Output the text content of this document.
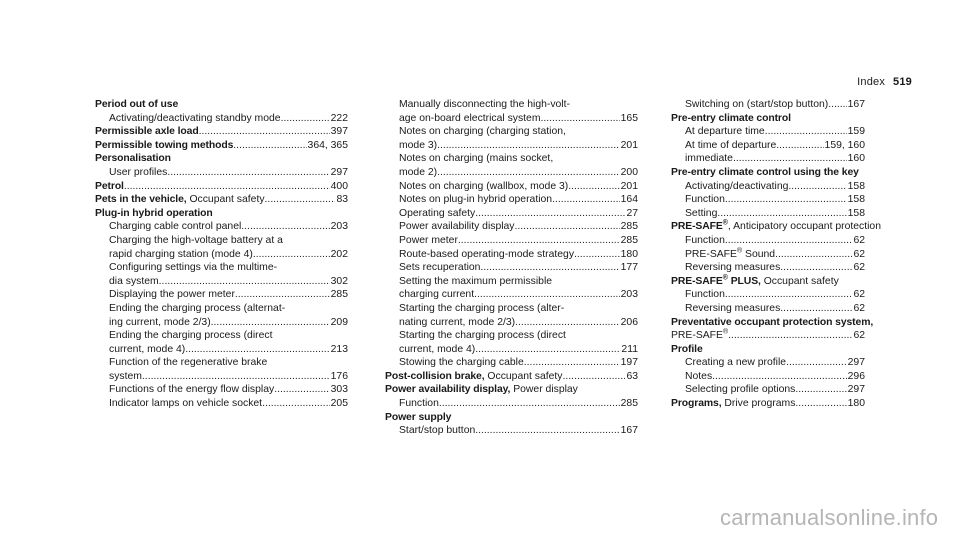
Index 519
Period out of use
Activating/deactivating standby mode .....	222
Permissible axle load .....	397
Permissible towing methods .....	364, 365
Personalisation
User profiles .....	297
Petrol .....	400
Pets in the vehicle, Occupant safety .....	83
Plug-in hybrid operation
Charging cable control panel .....	203
Charging the high-voltage battery at a
rapid charging station (mode 4) .....	202
Configuring settings via the multime-
dia system .....	302
Displaying the power meter .....	285
Ending the charging process (alternat-
ing current, mode 2/3) .....	209
Ending the charging process (direct
current, mode 4) .....	213
Function of the regenerative brake
system .....	176
Functions of the energy flow display .....	303
Indicator lamps on vehicle socket .....	205
Manually disconnecting the high-volt-
age on-board electrical system .....	165
Notes on charging (charging station,
mode 3) .....	201
Notes on charging (mains socket,
mode 2) .....	200
Notes on charging (wallbox, mode 3) .....	201
Notes on plug-in hybrid operation .....	164
Operating safety .....	27
Power availability display .....	285
Power meter .....	285
Route-based operating-mode strategy .....	180
Sets recuperation .....	177
Setting the maximum permissible
charging current .....	203
Starting the charging process (alter-
nating current, mode 2/3) .....	206
Starting the charging process (direct
current, mode 4) .....	211
Stowing the charging cable .....	197
Post-collision brake, Occupant safety .....	63
Power availability display, Power display
Function .....	285
Power supply
Start/stop button .....	167
Switching on (start/stop button) ..... 167
Pre-entry climate control
At departure time .....	159
At time of departure .....	159, 160
immediate .....	160
Pre-entry climate control using the key
Activating/deactivating .....	158
Function .....	158
Setting .....	158
PRE-SAFE®, Anticipatory occupant protection
Function .....	62
PRE-SAFE® Sound .....	62
Reversing measures .....	62
PRE-SAFE® PLUS, Occupant safety
Function .....	62
Reversing measures .....	62
Preventative occupant protection system,
PRE-SAFE® .....	62
Profile
Creating a new profile .....	297
Notes .....	296
Selecting profile options .....	297
Programs, Drive programs .....	180
carmanualsonline.info
